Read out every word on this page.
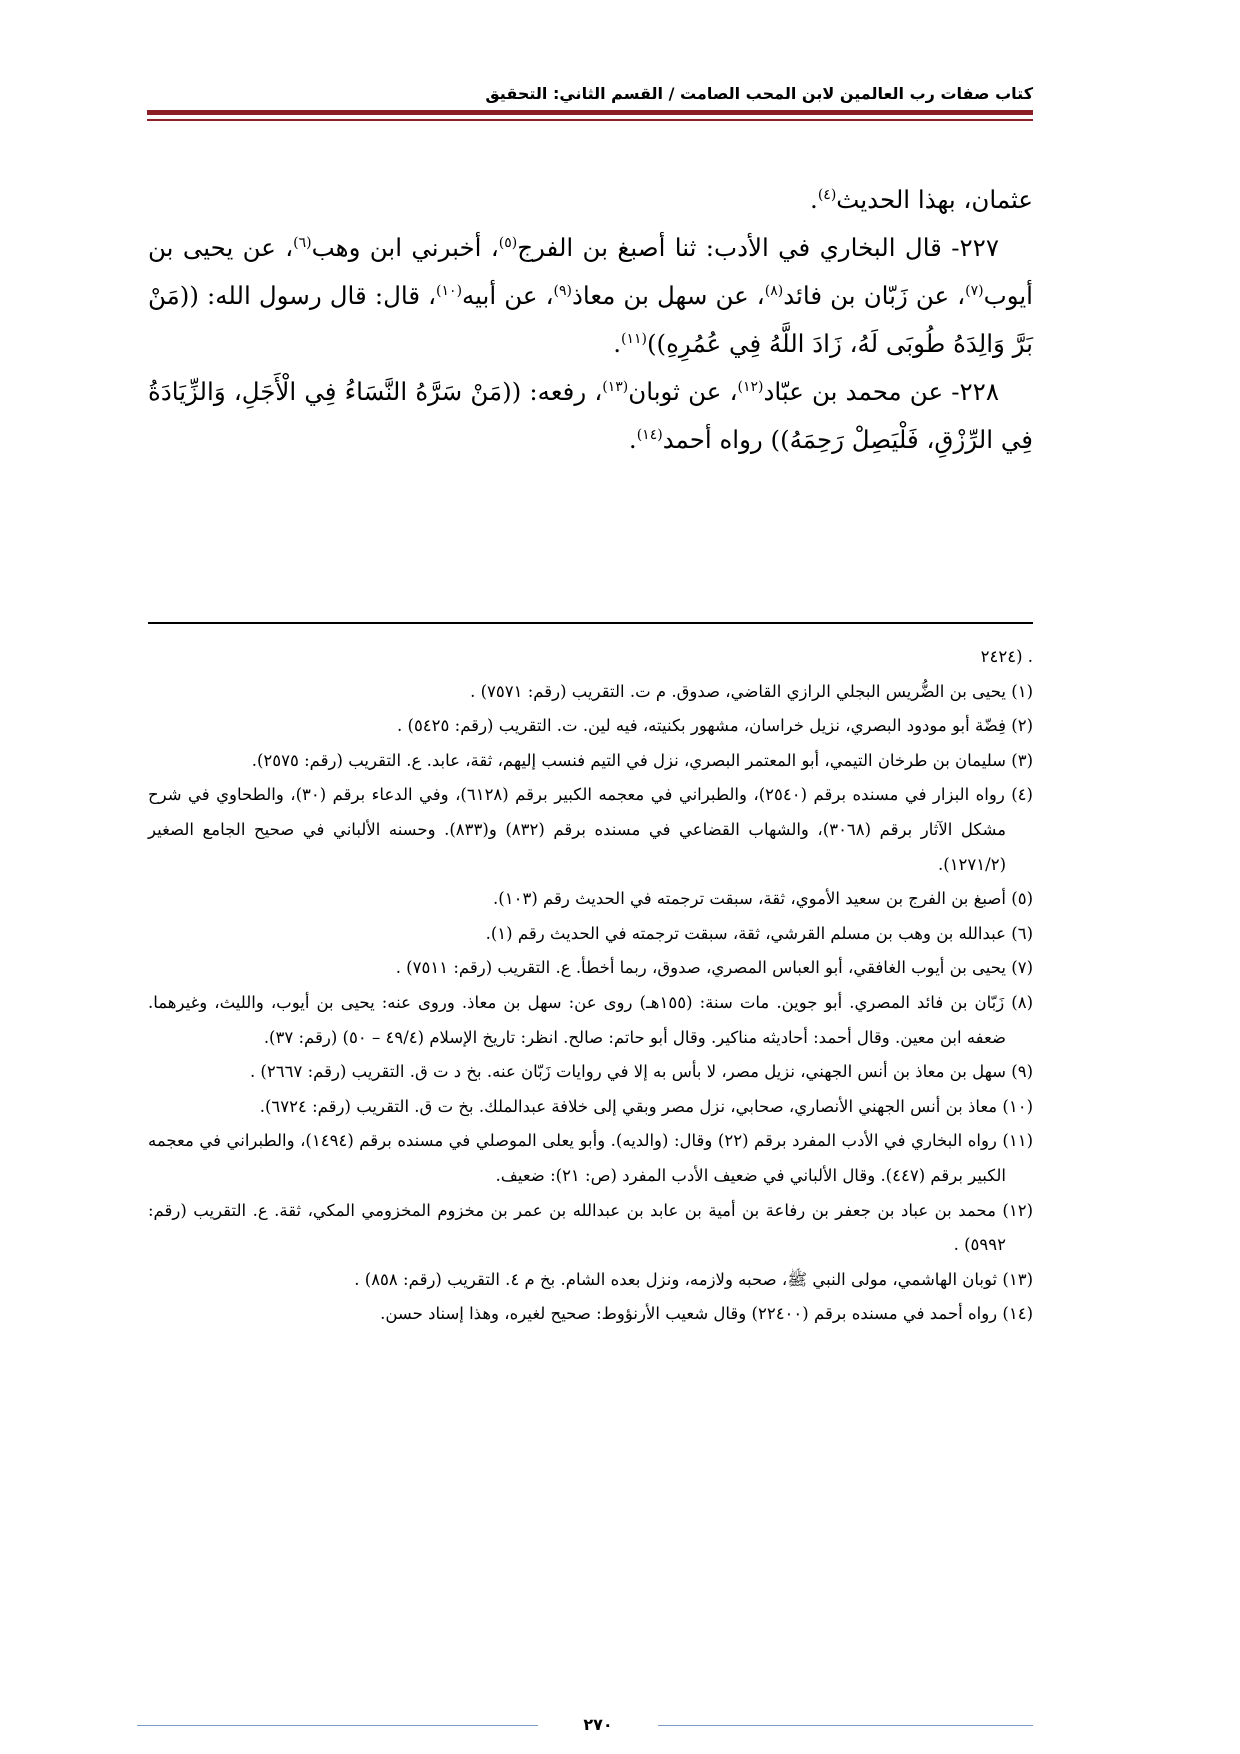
كتاب صفات رب العالمين لابن المحب الصامت / القسم الثاني: التحقيق

عثمان، بهذا الحديث$^{(٤)}$.

٢٢٧- قال البخاري في الأدب: ثنا أصبغ بن الفرج$^{(٥)}$، أخبرني ابن وهب$^{(٦)}$، عن يحيى بن أيوب$^{(٧)}$، عن زَبّان بن فائد$^{(٨)}$، عن سهل بن معاذ$^{(٩)}$، عن أبيه$^{(١٠)}$، قال: قال رسول الله: ((مَنْ بَرَّ وَالِدَهُ طُوبَى لَهُ، زَادَ اللَّهُ فِي عُمُرِهِ))$^{(١١)}$.

٢٢٨- عن محمد بن عبّاد$^{(١٢)}$، عن ثوبان$^{(١٣)}$، رفعه: ((مَنْ سَرَّهُ النَّسَاءُ فِي الْأَجَلِ، وَالزِّيَادَةُ فِي الرِّزْقِ، فَلْيَصِلْ رَحِمَهُ)) رواه أحمد$^{(١٤)}$.

. (٢٤٢٤

(١) يحيى بن الضُّريس البجلي الرازي القاضي، صدوق. م ت. التقريب (رقم: ٧٥٧١) .

(٢) فِضّة أبو مودود البصري، نزيل خراسان، مشهور بكنيته، فيه لين. ت. التقريب (رقم: ٥٤٢٥) .

(٣) سليمان بن طرخان التيمي، أبو المعتمر البصري، نزل في التيم فنسب إليهم، ثقة، عابد. ع. التقريب (رقم: ٢٥٧٥).

(٤) رواه البزار في مسنده برقم (٢٥٤٠)، والطبراني في معجمه الكبير برقم (٦١٢٨)، وفي الدعاء برقم (٣٠)، والطحاوي في شرح مشكل الآثار برقم (٣٠٦٨)، والشهاب القضاعي في مسنده برقم (٨٣٢) و(٨٣٣). وحسنه الألباني في صحيح الجامع الصغير (١٢٧١/٢).

(٥) أصبغ بن الفرج بن سعيد الأموي، ثقة، سبقت ترجمته في الحديث رقم (١٠٣).

(٦) عبدالله بن وهب بن مسلم القرشي، ثقة، سبقت ترجمته في الحديث رقم (١).

(٧) يحيى بن أيوب الغافقي، أبو العباس المصري، صدوق، ربما أخطأ. ع. التقريب (رقم: ٧٥١١) .

(٨) زَبّان بن فائد المصري. أبو جوين. مات سنة: (١٥٥هـ) روى عن: سهل بن معاذ. وروى عنه: يحيى بن أيوب، والليث، وغيرهما. ضعفه ابن معين. وقال أحمد: أحاديثه مناكير. وقال أبو حاتم: صالح. انظر: تاريخ الإسلام (٤٩/٤ – ٥٠) (رقم: ٣٧).

(٩) سهل بن معاذ بن أنس الجهني، نزيل مصر، لا بأس به إلا في روايات زَبّان عنه. بخ د ت ق. التقريب (رقم: ٢٦٦٧) .

(١٠) معاذ بن أنس الجهني الأنصاري، صحابي، نزل مصر وبقي إلى خلافة عبدالملك. بخ ت ق. التقريب (رقم: ٦٧٢٤).

(١١) رواه البخاري في الأدب المفرد برقم (٢٢) وقال: (والديه). وأبو يعلى الموصلي في مسنده برقم (١٤٩٤)، والطبراني في معجمه الكبير برقم (٤٤٧). وقال الألباني في ضعيف الأدب المفرد (ص: ٢١): ضعيف.

(١٢) محمد بن عباد بن جعفر بن رفاعة بن أمية بن عابد بن عبدالله بن عمر بن مخزوم المخزومي المكي، ثقة. ع. التقريب (رقم: ٥٩٩٢) .

(١٣) ثوبان الهاشمي، مولى النبي ﷺ، صحبه ولازمه، ونزل بعده الشام. بخ م ٤. التقريب (رقم: ٨٥٨) .

(١٤) رواه أحمد في مسنده برقم (٢٢٤٠٠) وقال شعيب الأرنؤوط: صحيح لغيره، وهذا إسناد حسن.

٢٧٠
